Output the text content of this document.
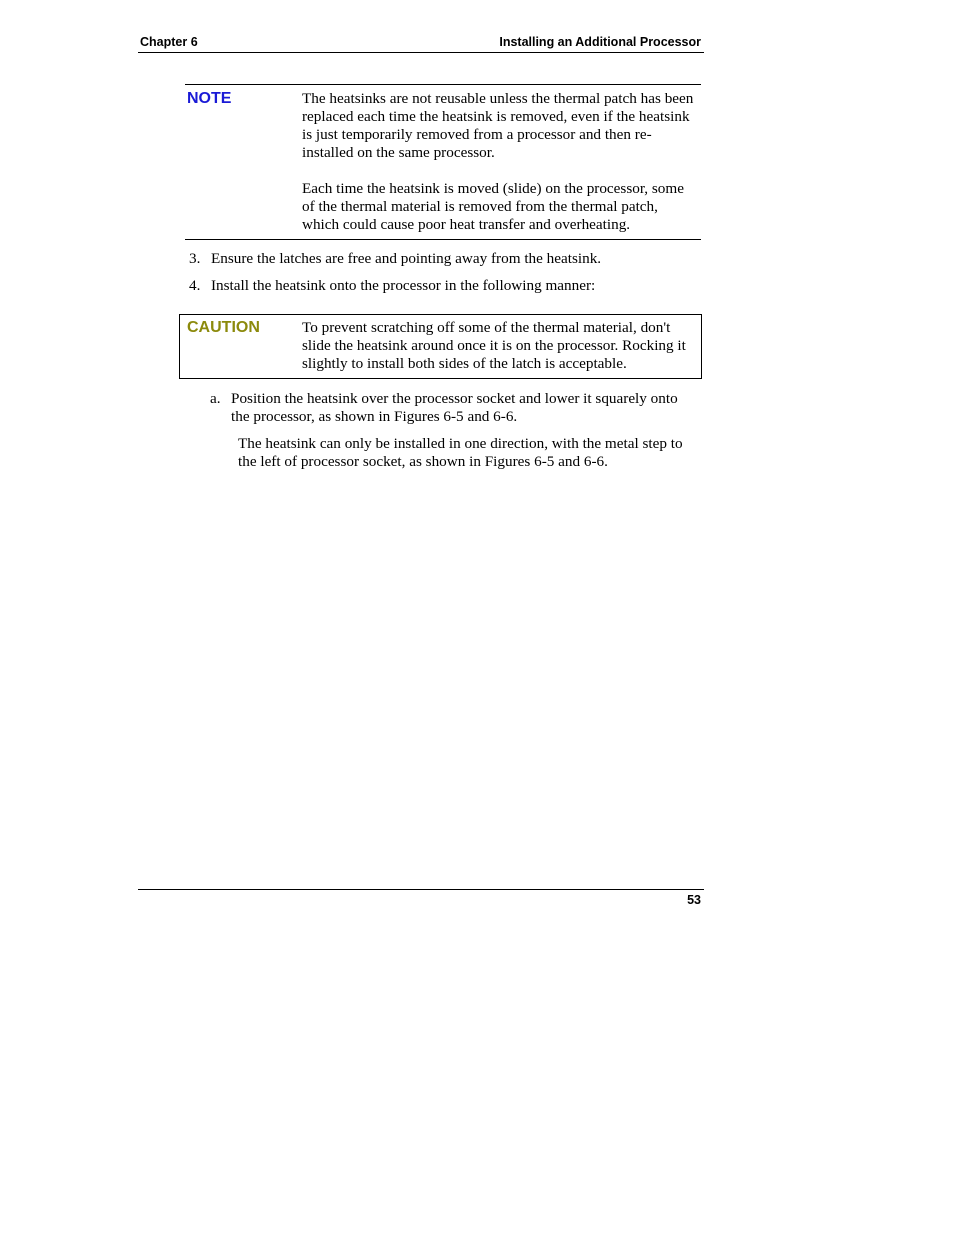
Chapter 6	Installing an Additional Processor
NOTE	The heatsinks are not reusable unless the thermal patch has been replaced each time the heatsink is removed, even if the heatsink is just temporarily removed from a processor and then re-installed on the same processor.

Each time the heatsink is moved (slide) on the processor, some of the thermal material is removed from the thermal patch, which could cause poor heat transfer and overheating.

3. Ensure the latches are free and pointing away from the heatsink.
4. Install the heatsink onto the processor in the following manner:
CAUTION	To prevent scratching off some of the thermal material, don't slide the heatsink around once it is on the processor. Rocking it slightly to install both sides of the latch is acceptable.
a. Position the heatsink over the processor socket and lower it squarely onto the processor, as shown in Figures 6-5 and 6-6.
The heatsink can only be installed in one direction, with the metal step to the left of processor socket, as shown in Figures 6-5 and 6-6.
53
